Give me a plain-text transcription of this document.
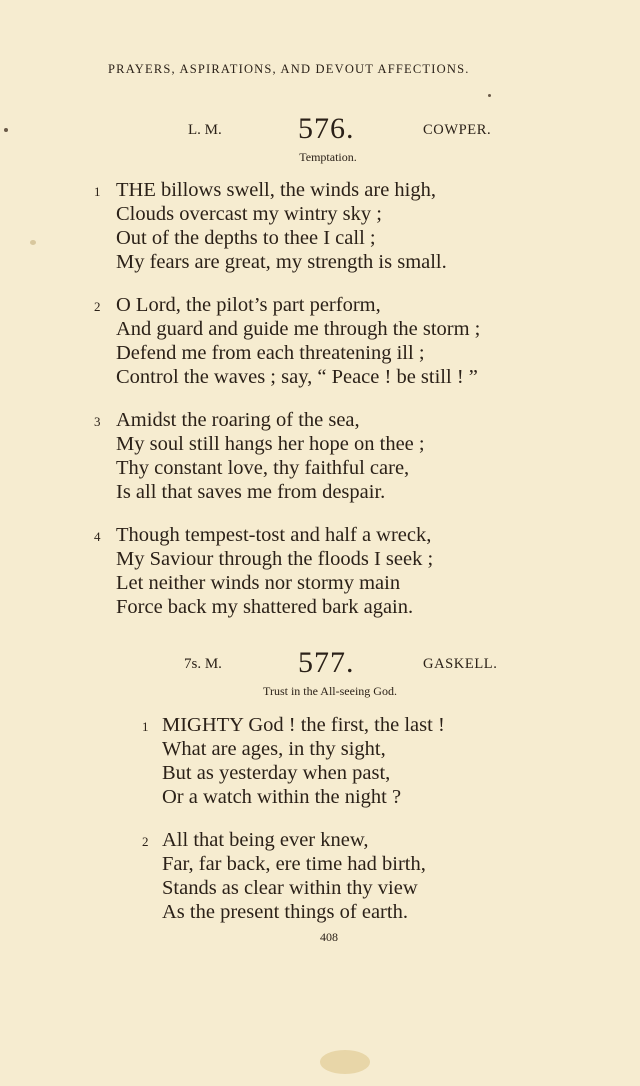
PRAYERS, ASPIRATIONS, AND DEVOUT AFFECTIONS.
L. M.	576.	COWPER.
Temptation.
1 THE billows swell, the winds are high,
Clouds overcast my wintry sky ;
Out of the depths to thee I call ;
My fears are great, my strength is small.
2 O Lord, the pilot’s part perform,
And guard and guide me through the storm ;
Defend me from each threatening ill ;
Control the waves ; say, “ Peace ! be still ! ”
3 Amidst the roaring of the sea,
My soul still hangs her hope on thee ;
Thy constant love, thy faithful care,
Is all that saves me from despair.
4 Though tempest-tost and half a wreck,
My Saviour through the floods I seek ;
Let neither winds nor stormy main
Force back my shattered bark again.
7s. M.	577.	GASKELL.
Trust in the All-seeing God.
1 MIGHTY God ! the first, the last !
What are ages, in thy sight,
But as yesterday when past,
Or a watch within the night ?
2 All that being ever knew,
Far, far back, ere time had birth,
Stands as clear within thy view
As the present things of earth.
408
